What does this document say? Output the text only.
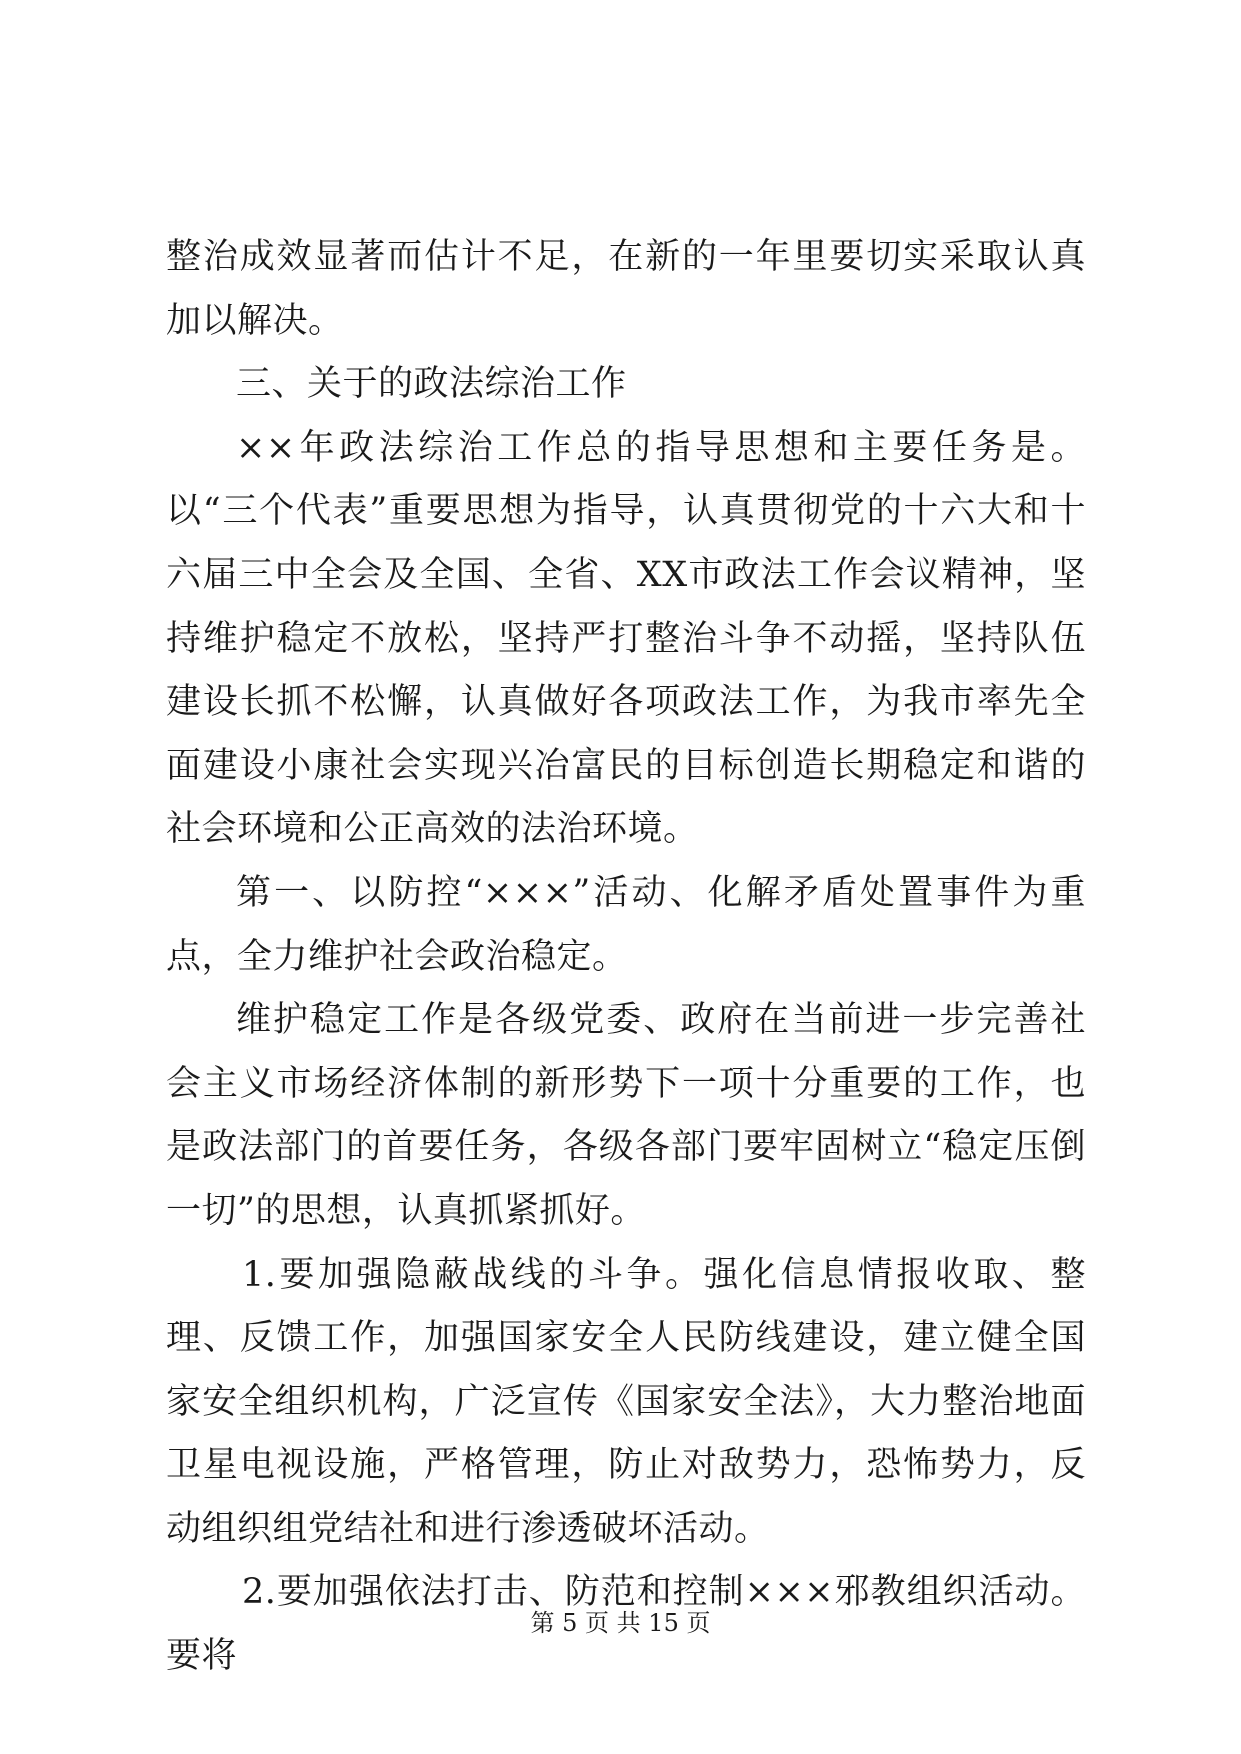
整治成效显著而估计不足，在新的一年里要切实采取认真加以解决。

三、关于的政法综治工作

××年政法综治工作总的指导思想和主要任务是。以“三个代表”重要思想为指导，认真贯彻党的十六大和十六届三中全会及全国、全省、XX市政法工作会议精神，坚持维护稳定不放松，坚持严打整治斗争不动摇，坚持队伍建设长抓不松懈，认真做好各项政法工作，为我市率先全面建设小康社会实现兴冶富民的目标创造长期稳定和谐的社会环境和公正高效的法治环境。

第一、以防控“×××”活动、化解矛盾处置事件为重点，全力维护社会政治稳定。

维护稳定工作是各级党委、政府在当前进一步完善社会主义市场经济体制的新形势下一项十分重要的工作，也是政法部门的首要任务，各级各部门要牢固树立“稳定压倒一切”的思想，认真抓紧抓好。

1.要加强隐蔽战线的斗争。强化信息情报收取、整理、反馈工作，加强国家安全人民防线建设，建立健全国家安全组织机构，广泛宣传《国家安全法》，大力整治地面卫星电视设施，严格管理，防止对敌势力，恐怖势力，反动组织组党结社和进行渗透破坏活动。

2.要加强依法打击、防范和控制×××邪教组织活动。要将

第 5 页 共 15 页
